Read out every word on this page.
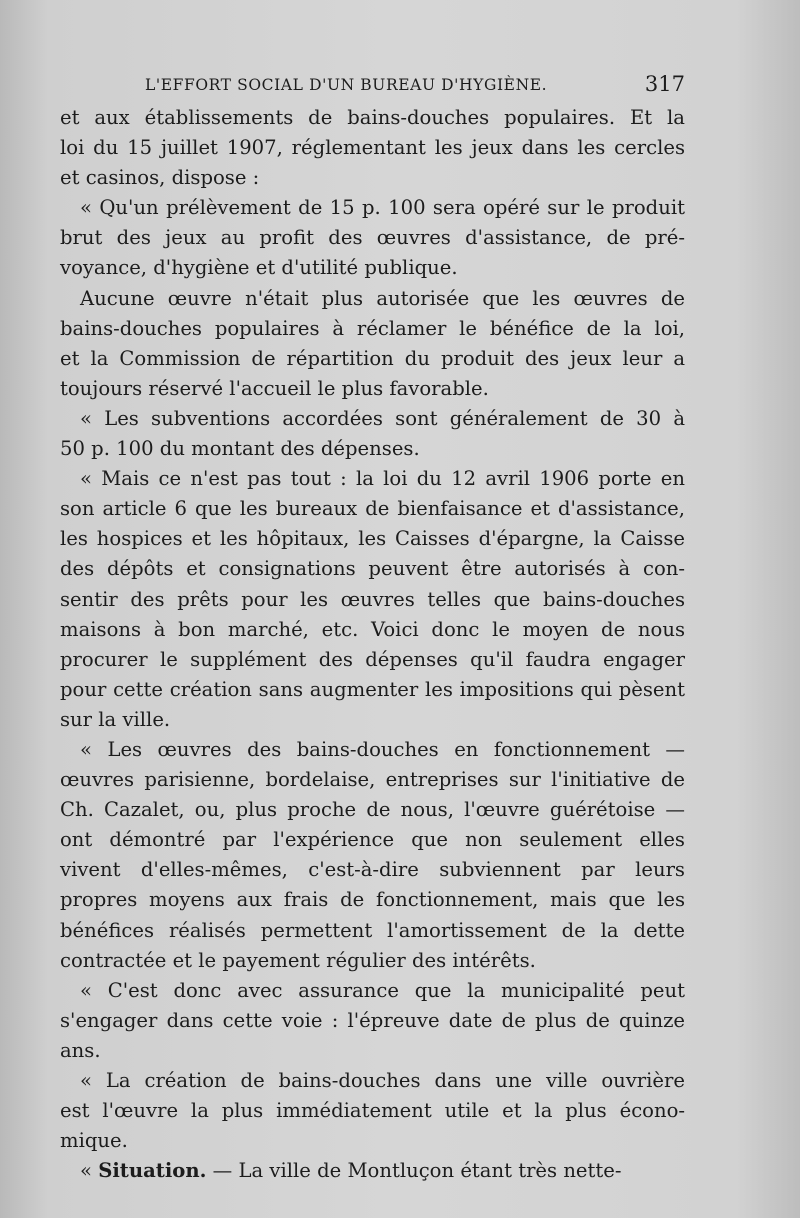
L'EFFORT SOCIAL D'UN BUREAU D'HYGIÈNE.	317
et aux établissements de bains-douches populaires. Et la
loi du 15 juillet 1907, réglementant les jeux dans les cercles
et casinos, dispose :
« Qu'un prélèvement de 15 p. 100 sera opéré sur le produit
brut des jeux au profit des œuvres d'assistance, de pré-
voyance, d'hygiène et d'utilité publique.
Aucune œuvre n'était plus autorisée que les œuvres de
bains-douches populaires à réclamer le bénéfice de la loi,
et la Commission de répartition du produit des jeux leur a
toujours réservé l'accueil le plus favorable.
« Les subventions accordées sont généralement de 30 à
50 p. 100 du montant des dépenses.
« Mais ce n'est pas tout : la loi du 12 avril 1906 porte en
son article 6 que les bureaux de bienfaisance et d'assistance,
les hospices et les hôpitaux, les Caisses d'épargne, la Caisse
des dépôts et consignations peuvent être autorisés à con-
sentir des prêts pour les œuvres telles que bains-douches
maisons à bon marché, etc. Voici donc le moyen de nous
procurer le supplément des dépenses qu'il faudra engager
pour cette création sans augmenter les impositions qui pèsent
sur la ville.
« Les œuvres des bains-douches en fonctionnement —
œuvres parisienne, bordelaise, entreprises sur l'initiative de
Ch. Cazalet, ou, plus proche de nous, l'œuvre guérétoise —
ont démontré par l'expérience que non seulement elles
vivent d'elles-mêmes, c'est-à-dire subviennent par leurs
propres moyens aux frais de fonctionnement, mais que les
bénéfices réalisés permettent l'amortissement de la dette
contractée et le payement régulier des intérêts.
« C'est donc avec assurance que la municipalité peut
s'engager dans cette voie : l'épreuve date de plus de quinze
ans.
« La création de bains-douches dans une ville ouvrière
est l'œuvre la plus immédiatement utile et la plus écono-
mique.
« Situation. — La ville de Montluçon étant très nette-
